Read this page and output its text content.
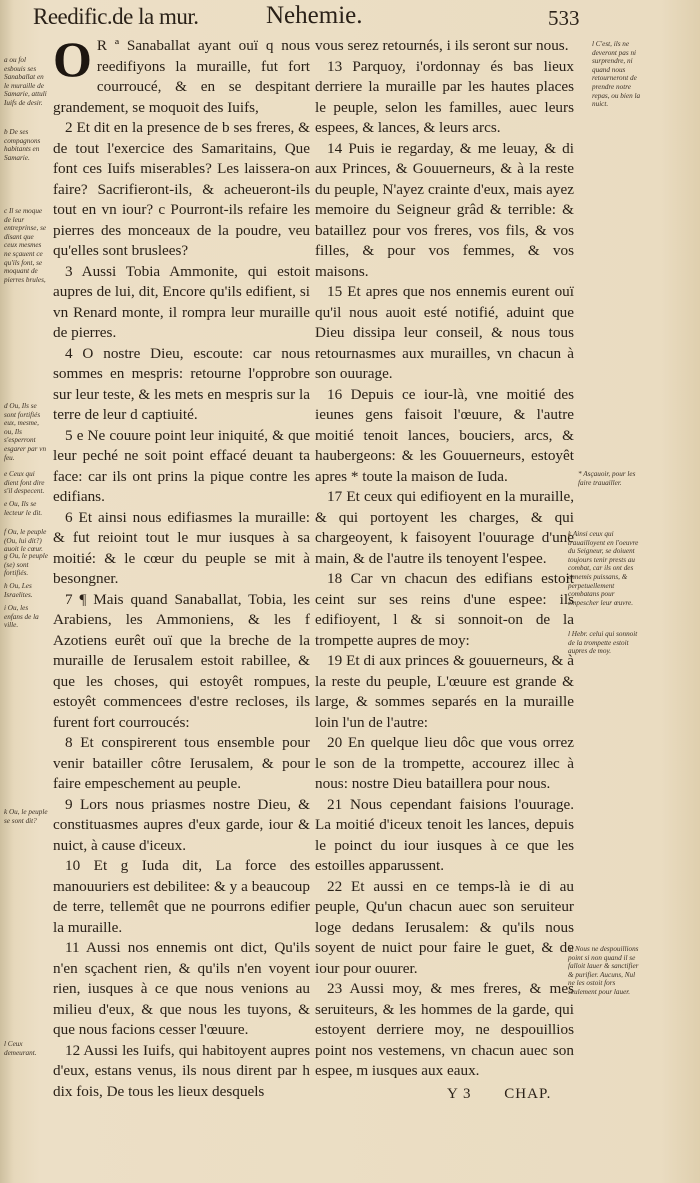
Reedific.de la mur.	Nehemie.	533
a ou fol esbouis ses Sanaballat en le muraille de Samarie, attuli Iuifs de desir.
b De ses compagnons habitants en Samarie.
c Il se moque de leur entreprinse, se disant que ceux mesmes ne sçauent ce qu'ils font, se moquant de pierres brules,
d Ou, Ils se sont fortifiés eux, mesme, ou, Ils s'esperront esgarer par vn feu.
e Ceux qui dient font dire s'il despecent.
e Ou, Ils se lecteur le dit.
f Ou, le peuple (Ou, lui dit?) auoit le cœur.
g Ou, le peuple (se) sont fortifiés.
h Ou, Les Israelites.
i Ou, les enfans de la ville.
k Ou, le peuple se sont dit?
l Ceux demeurant.

O R ª Sanaballat ayant ouï q nous reedifiyons la muraille, fut fort courroucé, & en se despitant grandement, se moquoit des Iuifs,

2 Et dit en la presence de b ses freres, & de tout l'exercice des Samaritains, Que font ces Iuifs miserables? Les laissera-on faire? Sacrifieront-ils, & acheueront-ils tout en vn iour? c Pourront-ils refaire les pierres des monceaux de la poudre, veu qu'elles sont bruslees?

3 Aussi Tobia Ammonite, qui estoit aupres de lui, dit, Encore qu'ils edifient, si vn Renard monte, il rompra leur muraille de pierres.

4 O nostre Dieu, escoute: car nous sommes en mespris: retourne l'opprobre sur leur teste, & les mets en mespris sur la terre de leur d captiuité.

5 e Ne couure point leur iniquité, & que leur peché ne soit point effacé deuant ta face: car ils ont prins la pique contre les edifians.

6 Et ainsi nous edifiasmes la muraille: & fut reioint tout le mur iusques à sa moitié: & le cœur du peuple se mit à besongner.

7 ¶ Mais quand Sanaballat, Tobia, les Arabiens, les Ammoniens, & les f Azotiens eurêt ouï que la breche de la muraille de Ierusalem estoit rabillee, & que les choses, qui estoyêt rompues, estoyêt commencees d'estre recloses, ils furent fort courroucés:

8 Et conspirerent tous ensemble pour venir batailler côtre Ierusalem, & pour faire empeschement au peuple.

9 Lors nous priasmes nostre Dieu, & constituasmes aupres d'eux garde, iour & nuict, à cause d'iceux.

10 Et g Iuda dit, La force des manouuriers est debilitee: & y a beaucoup de terre, tellemêt que ne pourrons edifier la muraille.

11 Aussi nos ennemis ont dict, Qu'ils n'en sçachent rien, & qu'ils n'en voyent rien, iusques à ce que nous venions au milieu d'eux, & que nous les tuyons, & que nous facions cesser l'œuure.

12 Aussi les Iuifs, qui habitoyent aupres d'eux, estans venus, ils nous dirent par h dix fois, De tous les lieux desquels

vous serez retournés, i ils seront sur nous.

13 Parquoy, i'ordonnay és bas lieux derriere la muraille par les hautes places le peuple, selon les familles, auec leurs espees, & lances, & leurs arcs.

14 Puis ie regarday, & me leuay, & di aux Princes, & Gouuerneurs, & à la reste du peuple, N'ayez crainte d'eux, mais ayez memoire du Seigneur grâd & terrible: & bataillez pour vos freres, vos fils, & vos filles, & pour vos femmes, & vos maisons.

15 Et apres que nos ennemis eurent ouï qu'il nous auoit esté notifié, aduint que Dieu dissipa leur conseil, & nous tous retournasmes aux murailles, vn chacun à son ouurage.

16 Depuis ce iour-là, vne moitié des ieunes gens faisoit l'œuure, & l'autre moitié tenoit lances, bouciers, arcs, & haubergeons: & les Gouuerneurs, estoyêt apres * toute la maison de Iuda.

17 Et ceux qui edifioyent en la muraille, & qui portoyent les charges, & qui chargeoyent, k faisoyent l'ouurage d'une main, & de l'autre ils tenoyent l'espee.

18 Car vn chacun des edifians estoit ceint sur ses reins d'une espee: ils edifioyent, l & si sonnoit-on de la trompette aupres de moy:

19 Et di aux princes & gouuerneurs, & à la reste du peuple, L'œuure est grande & large, & sommes separés en la muraille loin l'un de l'autre:

20 En quelque lieu dôc que vous orrez le son de la trompette, accourez illec à nous: nostre Dieu bataillera pour nous.

21 Nous cependant faisions l'ouurage. La moitié d'iceux tenoit les lances, depuis le poinct du iour iusques à ce que les estoilles apparussent.

22 Et aussi en ce temps-là ie di au peuple, Qu'un chacun auec son seruiteur loge dedans Ierusalem: & qu'ils nous soyent de nuict pour faire le guet, & de iour pour ouurer.

23 Aussi moy, & mes freres, & mes seruiteurs, & les hommes de la garde, qui estoyent derriere moy, ne despouillios point nos vestemens, vn chacun auec son espee, m iusques aux eaux.

l C'est, ils ne deveront pas ni surprendre, ni quand nous retourneront de prendre notre repas, ou bien la nuict.
* Asçauoir, pour les faire trauailler.
k Ainsi ceux qui trauailloyent en l'oeuvre du Seigneur, se doiuent toujours tenir prests au combat, car ils ont des ennemis puissans, & perpetuellement combatans pour empescher leur œuvre.
l Hebr. celui qui sonnoit de la trompette estoit aupres de moy.
m Nous ne despouillions point si non quand il se falloit lauer & sanctifier & purifier. Aucuns, Nul ne les ostoit fors seulement pour lauer.
Y 3 CHAP.
